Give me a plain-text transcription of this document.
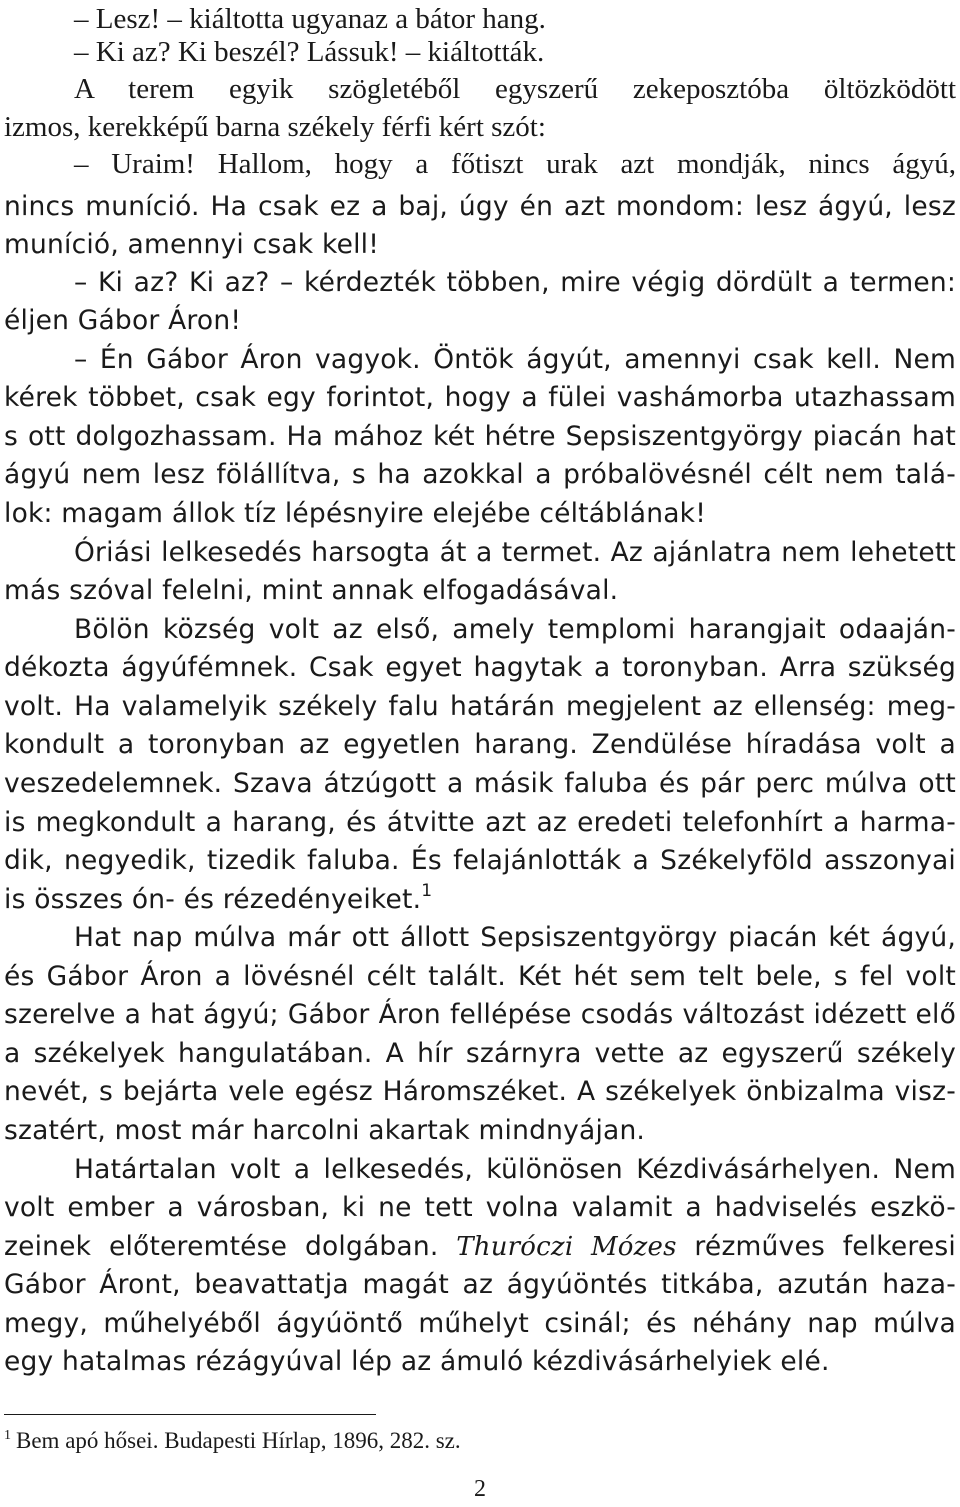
– Lesz! – kiáltotta ugyanaz a bátor hang.
– Ki az? Ki beszél? Lássuk! – kiáltották.
A terem egyik szögletéből egyszerű zekeposztóba öltözködött
izmos, kerekképű barna székely férfi kért szót:
– Uraim! Hallom, hogy a főtiszt urak azt mondják, nincs ágyú,
nincs muníció. Ha csak ez a baj, úgy én azt mondom: lesz ágyú, lesz
muníció, amennyi csak kell!
– Ki az? Ki az? – kérdezték többen, mire végig dördült a termen:
éljen Gábor Áron!
– Én Gábor Áron vagyok. Öntök ágyút, amennyi csak kell. Nem
kérek többet, csak egy forintot, hogy a fülei vashámorba utazhassam
s ott dolgozhassam. Ha mához két hétre Sepsiszentgyörgy piacán hat
ágyú nem lesz fölállítva, s ha azokkal a próbalövésnél célt nem talá-
lok: magam állok tíz lépésnyire elejébe céltáblának!
Óriási lelkesedés harsogta át a termet. Az ajánlatra nem lehetett
más szóval felelni, mint annak elfogadásával.
Bölön község volt az első, amely templomi harangjait odaaján-
dékozta ágyúfémnek. Csak egyet hagytak a toronyban. Arra szükség
volt. Ha valamelyik székely falu határán megjelent az ellenség: meg-
kondult a toronyban az egyetlen harang. Zendülése híradása volt a
veszedelemnek. Szava átzúgott a másik faluba és pár perc múlva ott
is megkondult a harang, és átvitte azt az eredeti telefonhírt a harma-
dik, negyedik, tizedik faluba. És felajánlották a Székelyföld asszonyai
is összes ón- és rézedényeiket.$^1$
Hat nap múlva már ott állott Sepsiszentgyörgy piacán két ágyú,
és Gábor Áron a lövésnél célt talált. Két hét sem telt bele, s fel volt
szerelve a hat ágyú; Gábor Áron fellépése csodás változást idézett elő
a székelyek hangulatában. A hír szárnyra vette az egyszerű székely
nevét, s bejárta vele egész Háromszéket. A székelyek önbizalma visz-
szatért, most már harcolni akartak mindnyájan.
Határtalan volt a lelkesedés, különösen Kézdivásárhelyen. Nem
volt ember a városban, ki ne tett volna valamit a hadviselés eszkö-
zeinek előteremtése dolgában. Thuróczi Mózes rézműves felkeresi
Gábor Áront, beavattatja magát az ágyúöntés titkába, azután haza-
megy, műhelyéből ágyúöntő műhelyt csinál; és néhány nap múlva
egy hatalmas rézágyúval lép az ámuló kézdivásárhelyiek elé.
$^1$ Bem apó hősei. Budapesti Hírlap, 1896, 282. sz.
2
